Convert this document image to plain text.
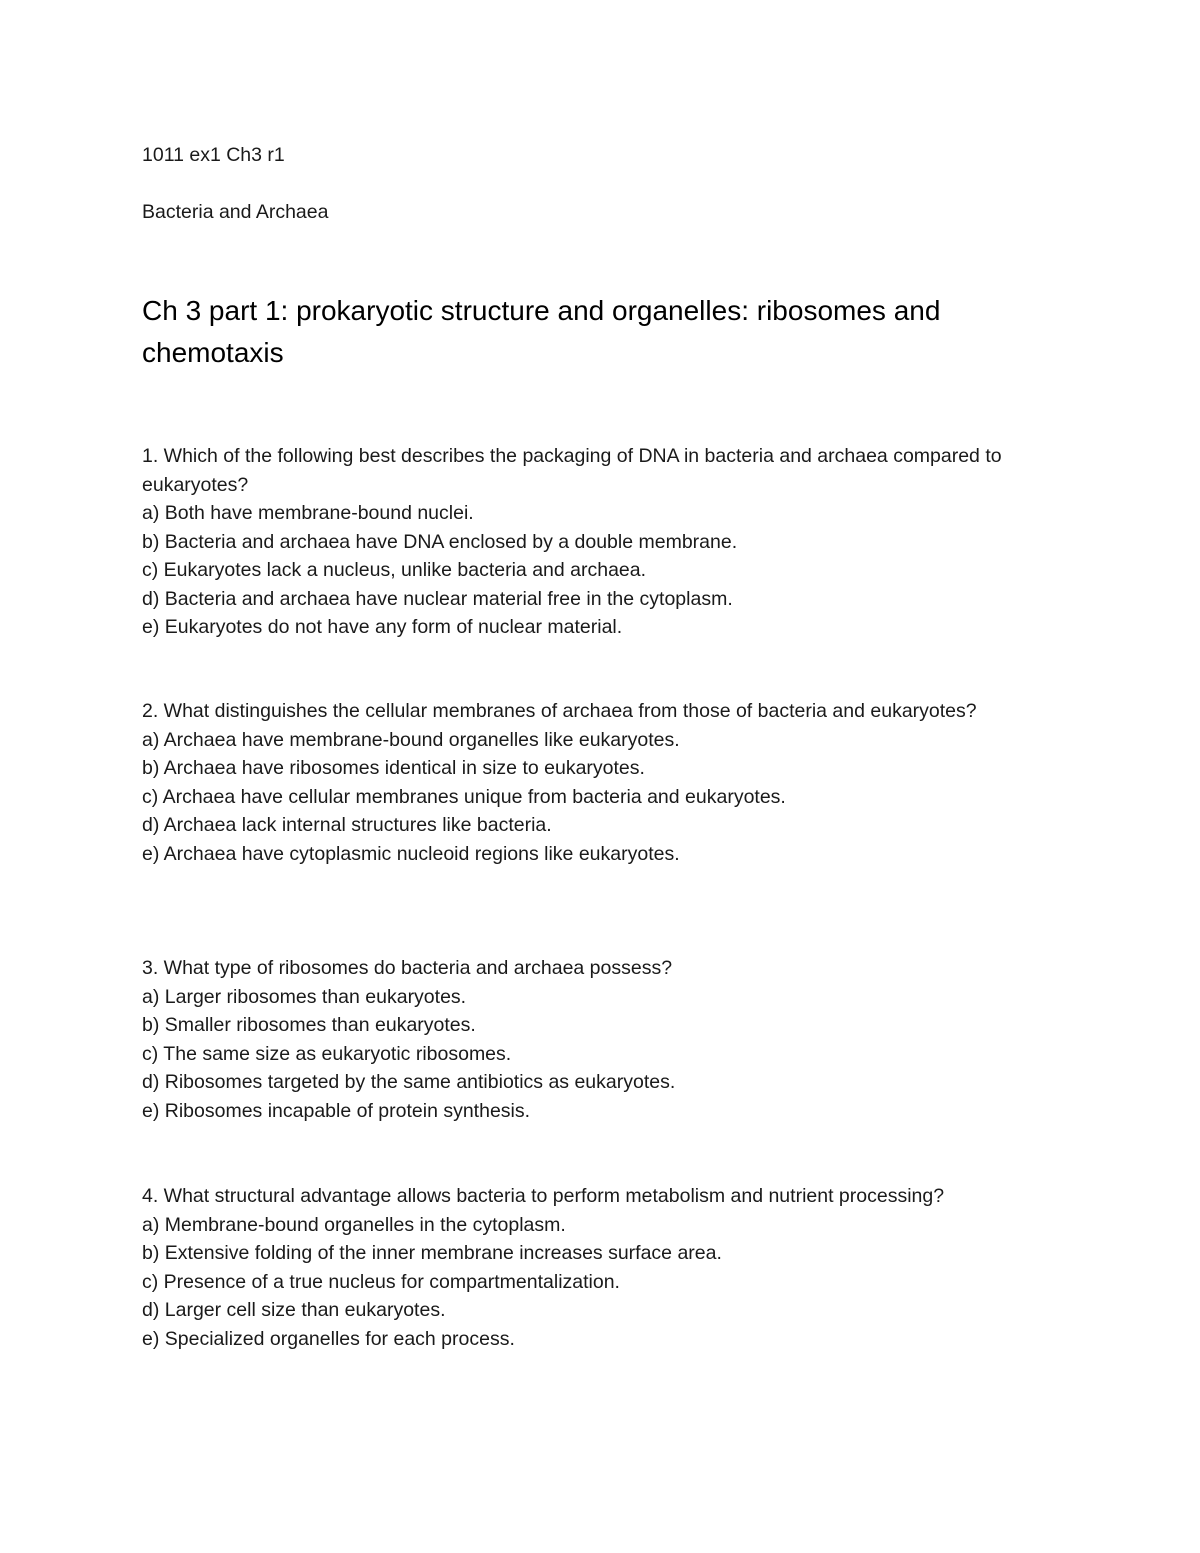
1011 ex1 Ch3 r1
Bacteria and Archaea
Ch 3 part 1: prokaryotic structure and organelles: ribosomes and chemotaxis

1. Which of the following best describes the packaging of DNA in bacteria and archaea compared to eukaryotes?

a) Both have membrane-bound nuclei.
b) Bacteria and archaea have DNA enclosed by a double membrane.
c) Eukaryotes lack a nucleus, unlike bacteria and archaea.
d) Bacteria and archaea have nuclear material free in the cytoplasm.
e) Eukaryotes do not have any form of nuclear material.

2. What distinguishes the cellular membranes of archaea from those of bacteria and eukaryotes?

a) Archaea have membrane-bound organelles like eukaryotes.
b) Archaea have ribosomes identical in size to eukaryotes.
c) Archaea have cellular membranes unique from bacteria and eukaryotes.
d) Archaea lack internal structures like bacteria.
e) Archaea have cytoplasmic nucleoid regions like eukaryotes.

3. What type of ribosomes do bacteria and archaea possess?

a) Larger ribosomes than eukaryotes.
b) Smaller ribosomes than eukaryotes.
c) The same size as eukaryotic ribosomes.
d) Ribosomes targeted by the same antibiotics as eukaryotes.
e) Ribosomes incapable of protein synthesis.

4. What structural advantage allows bacteria to perform metabolism and nutrient processing?

a) Membrane-bound organelles in the cytoplasm.
b) Extensive folding of the inner membrane increases surface area.
c) Presence of a true nucleus for compartmentalization.
d) Larger cell size than eukaryotes.
e) Specialized organelles for each process.
